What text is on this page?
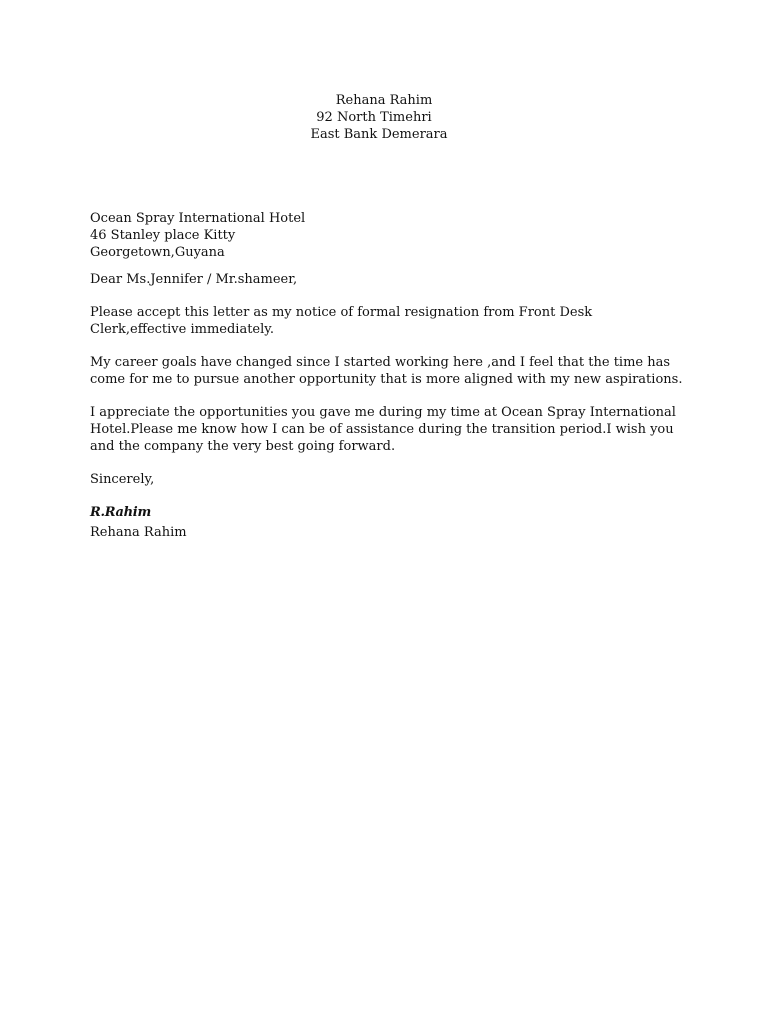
Rehana Rahim
92 North Timehri
East Bank Demerara
Ocean Spray International Hotel
46 Stanley place Kitty
Georgetown,Guyana
Dear Ms.Jennifer / Mr.shameer,
Please accept this letter as my notice of formal resignation from Front Desk Clerk,effective immediately.
My career goals have changed since I started working here ,and I feel that the time has come for me to pursue another opportunity that is more aligned with my new aspirations.
I appreciate the opportunities you gave me during my time at Ocean Spray International Hotel.Please me know how I can be of assistance during the transition period.I wish you and the company the very best going forward.
Sincerely,
R.Rahim
Rehana Rahim
